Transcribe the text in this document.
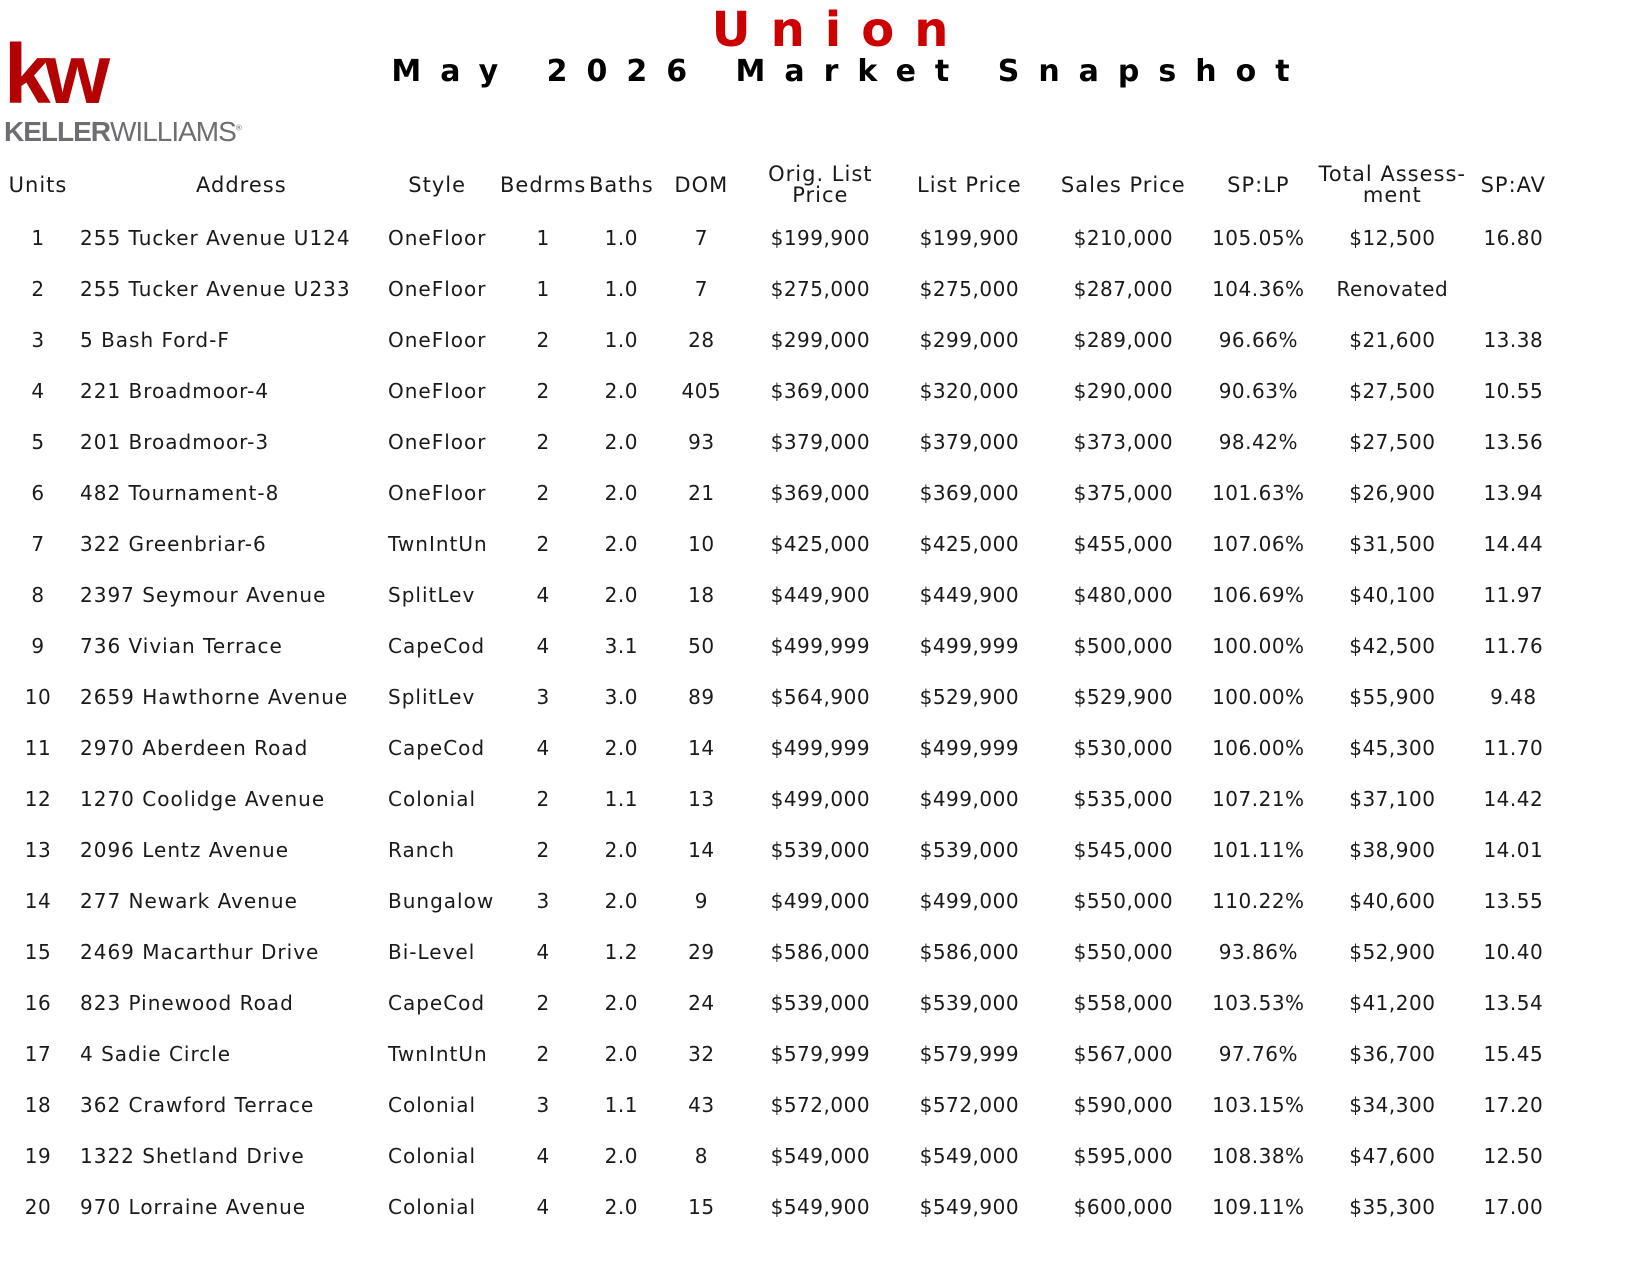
kw
KELLERWILLIAMS®
Union
May 2026 Market Snapshot
Units	Address	Style	Bedrms	Baths	DOM	Orig. List Price	List Price	Sales Price	SP:LP	Total Assess-ment	SP:AV
1	255 Tucker Avenue U124	OneFloor	1	1.0	7	$199,900	$199,900	$210,000	105.05%	$12,500	16.80
2	255 Tucker Avenue U233	OneFloor	1	1.0	7	$275,000	$275,000	$287,000	104.36%	Renovated	
3	5 Bash Ford-F	OneFloor	2	1.0	28	$299,000	$299,000	$289,000	96.66%	$21,600	13.38
4	221 Broadmoor-4	OneFloor	2	2.0	405	$369,000	$320,000	$290,000	90.63%	$27,500	10.55
5	201 Broadmoor-3	OneFloor	2	2.0	93	$379,000	$379,000	$373,000	98.42%	$27,500	13.56
6	482 Tournament-8	OneFloor	2	2.0	21	$369,000	$369,000	$375,000	101.63%	$26,900	13.94
7	322 Greenbriar-6	TwnIntUn	2	2.0	10	$425,000	$425,000	$455,000	107.06%	$31,500	14.44
8	2397 Seymour Avenue	SplitLev	4	2.0	18	$449,900	$449,900	$480,000	106.69%	$40,100	11.97
9	736 Vivian Terrace	CapeCod	4	3.1	50	$499,999	$499,999	$500,000	100.00%	$42,500	11.76
10	2659 Hawthorne Avenue	SplitLev	3	3.0	89	$564,900	$529,900	$529,900	100.00%	$55,900	9.48
11	2970 Aberdeen Road	CapeCod	4	2.0	14	$499,999	$499,999	$530,000	106.00%	$45,300	11.70
12	1270 Coolidge Avenue	Colonial	2	1.1	13	$499,000	$499,000	$535,000	107.21%	$37,100	14.42
13	2096 Lentz Avenue	Ranch	2	2.0	14	$539,000	$539,000	$545,000	101.11%	$38,900	14.01
14	277 Newark Avenue	Bungalow	3	2.0	9	$499,000	$499,000	$550,000	110.22%	$40,600	13.55
15	2469 Macarthur Drive	Bi-Level	4	1.2	29	$586,000	$586,000	$550,000	93.86%	$52,900	10.40
16	823 Pinewood Road	CapeCod	2	2.0	24	$539,000	$539,000	$558,000	103.53%	$41,200	13.54
17	4 Sadie Circle	TwnIntUn	2	2.0	32	$579,999	$579,999	$567,000	97.76%	$36,700	15.45
18	362 Crawford Terrace	Colonial	3	1.1	43	$572,000	$572,000	$590,000	103.15%	$34,300	17.20
19	1322 Shetland Drive	Colonial	4	2.0	8	$549,000	$549,000	$595,000	108.38%	$47,600	12.50
20	970 Lorraine Avenue	Colonial	4	2.0	15	$549,900	$549,900	$600,000	109.11%	$35,300	17.00
